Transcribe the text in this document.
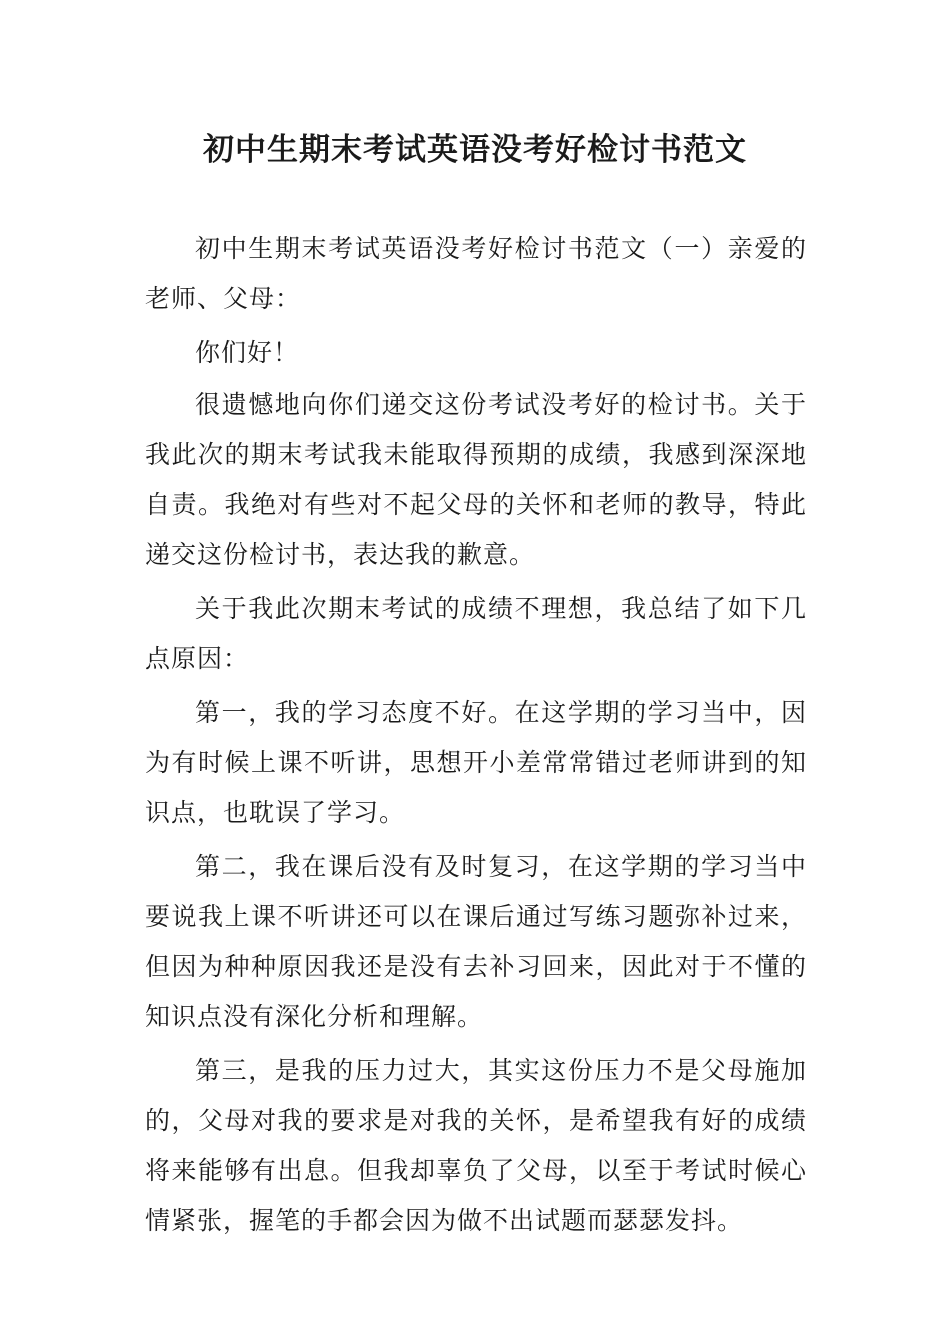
初中生期末考试英语没考好检讨书范文

初中生期末考试英语没考好检讨书范文（一）亲爱的老师、父母：

你们好！

很遗憾地向你们递交这份考试没考好的检讨书。关于我此次的期末考试我未能取得预期的成绩，我感到深深地自责。我绝对有些对不起父母的关怀和老师的教导，特此递交这份检讨书，表达我的歉意。

关于我此次期末考试的成绩不理想，我总结了如下几点原因：

第一，我的学习态度不好。在这学期的学习当中，因为有时候上课不听讲，思想开小差常常错过老师讲到的知识点，也耽误了学习。

第二，我在课后没有及时复习，在这学期的学习当中要说我上课不听讲还可以在课后通过写练习题弥补过来，但因为种种原因我还是没有去补习回来，因此对于不懂的知识点没有深化分析和理解。

第三，是我的压力过大，其实这份压力不是父母施加的，父母对我的要求是对我的关怀，是希望我有好的成绩将来能够有出息。但我却辜负了父母，以至于考试时候心情紧张，握笔的手都会因为做不出试题而瑟瑟发抖。
